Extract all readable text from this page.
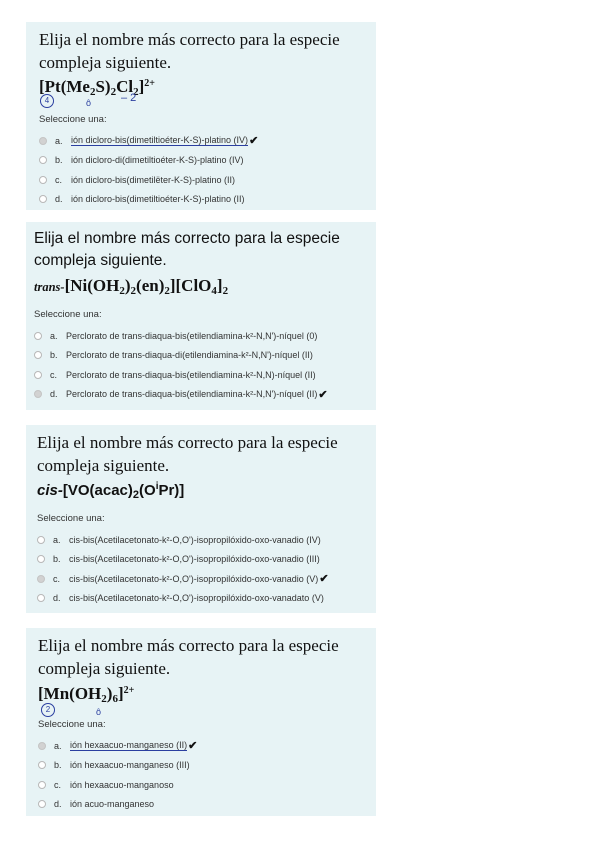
Elija el nombre más correcto para la especie compleja siguiente.
$[Pt(Me_2S)_2Cl_2]^{2+}$
4	ô	– 2
Seleccione una:
a. ión dicloro-bis(dimetiltioéter-K-S)-platino (IV) ✔
b. ión dicloro-di(dimetiltioéter-K-S)-platino (IV)
c. ión dicloro-bis(dimetilëter-K-S)-platino (II)
d. ión dicloro-bis(dimetiltioéter-K-S)-platino (II)
Elija el nombre más correcto para la especie compleja siguiente.
trans-$[Ni(OH_2)_2(en)_2][ClO_4]_2$
Seleccione una:
a. Perclorato de trans-diaqua-bis(etilendiamina-k²-N,N')-níquel (0)
b. Perclorato de trans-diaqua-di(etilendiamina-k²-N,N')-níquel (II)
c. Perclorato de trans-diaqua-bis(etilendiamina-k²-N,N)-níquel (II)
d. Perclorato de trans-diaqua-bis(etilendiamina-k²-N,N')-níquel (II) ✔
Elija el nombre más correcto para la especie compleja siguiente.
cis-$[VO(acac)_2(O^iPr)]$
Seleccione una:
a. cis-bis(Acetilacetonato-k²-O,O')-isopropilóxido-oxo-vanadio (IV)
b. cis-bis(Acetilacetonato-k²-O,O')-isopropilóxido-oxo-vanadio (III)
c. cis-bis(Acetilacetonato-k²-O,O')-isopropilóxido-oxo-vanadio (V) ✔
d. cis-bis(Acetilacetonato-k²-O,O')-isopropilóxido-oxo-vanadato (V)
Elija el nombre más correcto para la especie compleja siguiente.
$[Mn(OH_2)_6]^{2+}$
2	ô
Seleccione una:
a. ión hexaacuo-manganeso (II) ✔
b. ión hexaacuo-manganeso (III)
c. ión hexaacuo-manganoso
d. ión acuo-manganeso
